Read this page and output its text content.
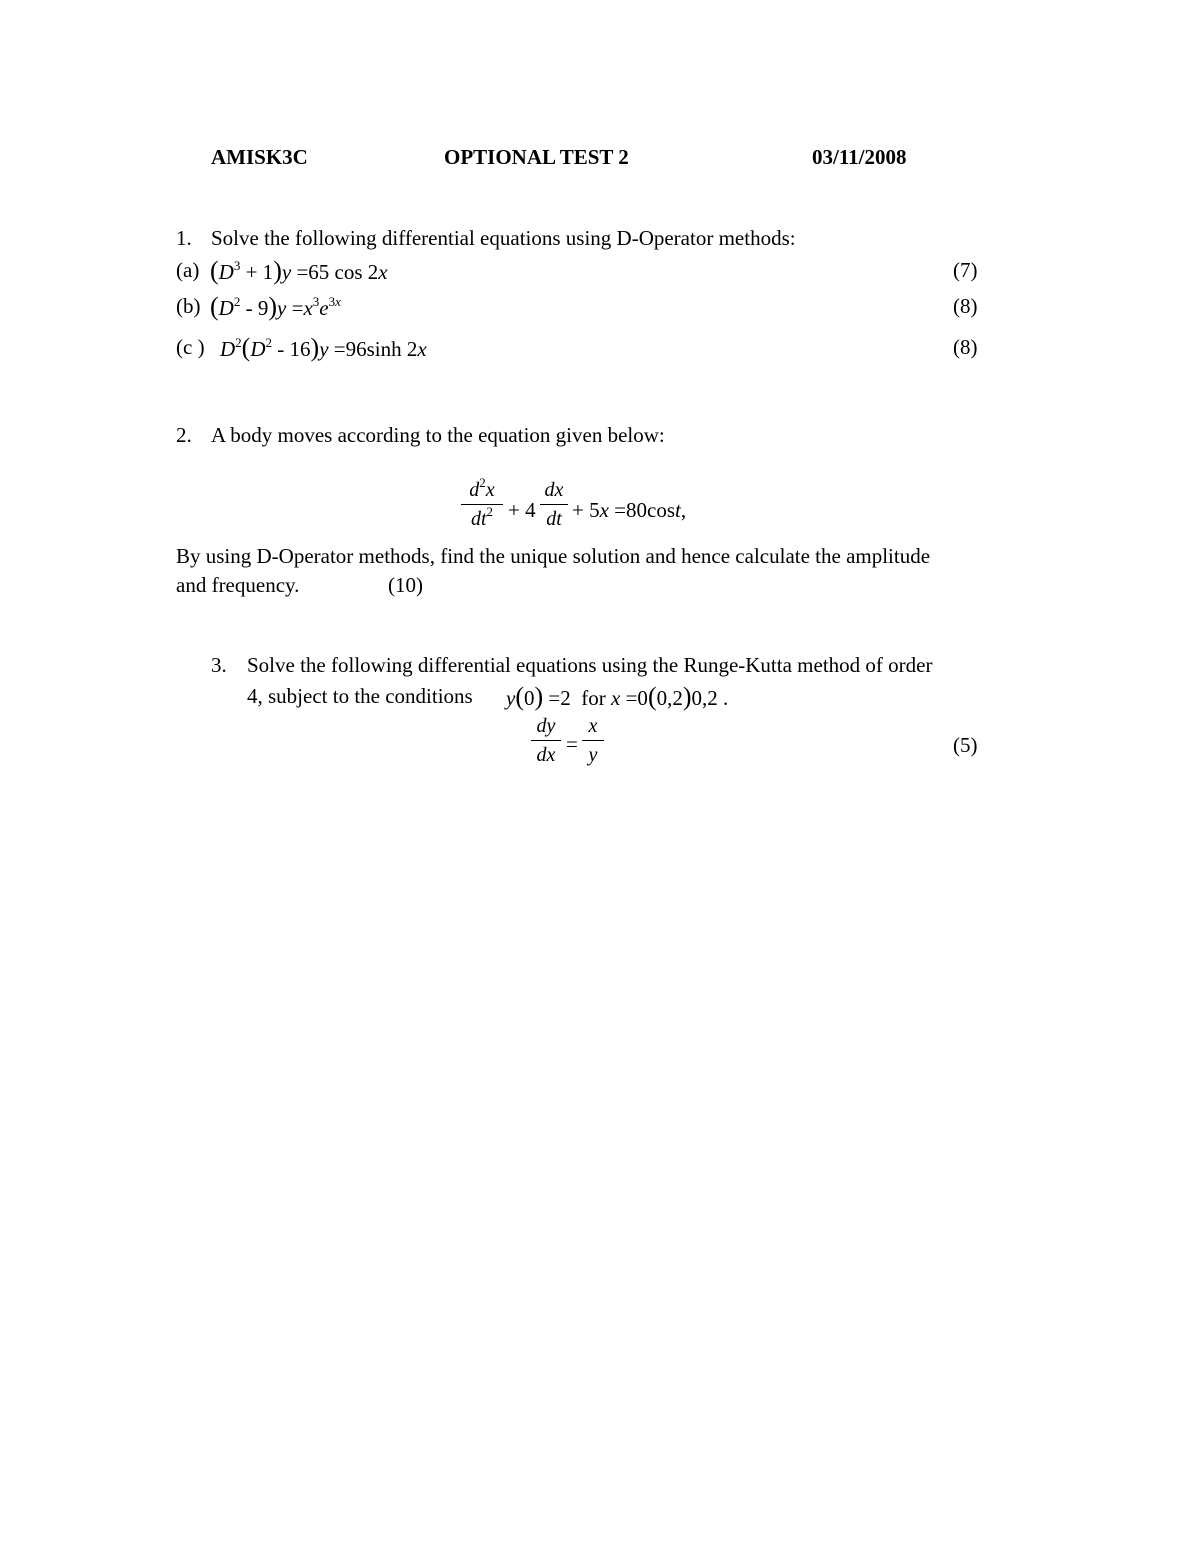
AMISK3C	OPTIONAL TEST 2	03/11/2008
1. Solve the following differential equations using D-Operator methods:
(a) $(D^3 + 1)y =65$ cos 2x	(7)
(b) $(D^2 - 9)y =x^3e^{3x}$	(8)
(c ) $D^2(D^2 - 16)y =96\sinh$ 2x	(8)
2. A body moves according to the equation given below:
$d^2x$
$dt^2 + 4$
dx
dt + 5x =80cost,
By using D-Operator methods, find the unique solution and hence calculate the amplitude
and frequency.	(10)
3. Solve the following differential equations using the Runge-Kutta method of order
4, subject to the conditions y(0) =2  for x =0(0,2)0,2 .
dy
dx =
x
y	(5)
